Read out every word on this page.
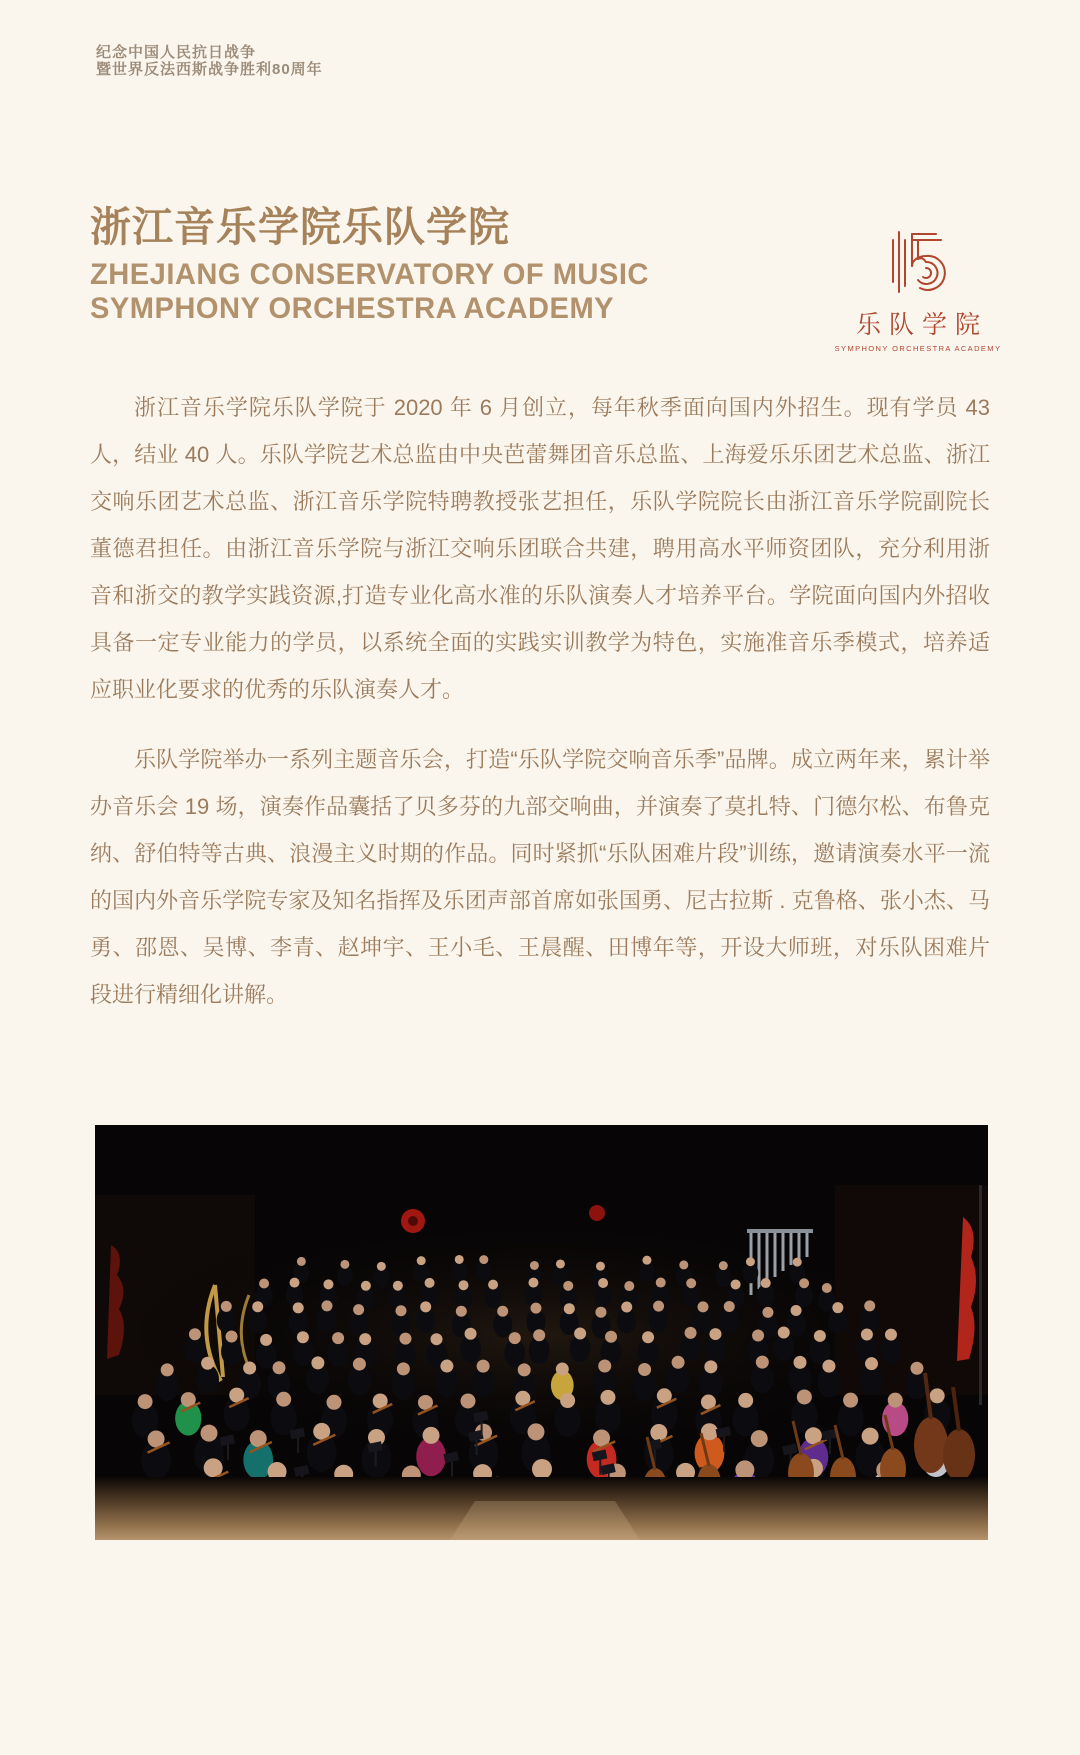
纪念中国人民抗日战争
暨世界反法西斯战争胜利80周年
浙江音乐学院乐队学院
ZHEJIANG CONSERVATORY OF MUSIC
SYMPHONY ORCHESTRA ACADEMY	乐队学院
SYMPHONY ORCHESTRA ACADEMY

浙江音乐学院乐队学院于 2020 年 6 月创立，每年秋季面向国内外招生。现有学员 43 人，结业 40 人。乐队学院艺术总监由中央芭蕾舞团音乐总监、上海爱乐乐团艺术总监、浙江交响乐团艺术总监、浙江音乐学院特聘教授张艺担任，乐队学院院长由浙江音乐学院副院长董德君担任。由浙江音乐学院与浙江交响乐团联合共建，聘用高水平师资团队，充分利用浙音和浙交的教学实践资源,打造专业化高水准的乐队演奏人才培养平台。学院面向国内外招收具备一定专业能力的学员，以系统全面的实践实训教学为特色，实施准音乐季模式，培养适应职业化要求的优秀的乐队演奏人才。

乐队学院举办一系列主题音乐会，打造“乐队学院交响音乐季”品牌。成立两年来，累计举办音乐会 19 场，演奏作品囊括了贝多芬的九部交响曲，并演奏了莫扎特、门德尔松、布鲁克纳、舒伯特等古典、浪漫主义时期的作品。同时紧抓“乐队困难片段”训练，邀请演奏水平一流的国内外音乐学院专家及知名指挥及乐团声部首席如张国勇、尼古拉斯 . 克鲁格、张小杰、马勇、邵恩、吴博、李青、赵坤宇、王小毛、王晨醒、田博年等，开设大师班，对乐队困难片段进行精细化讲解。
